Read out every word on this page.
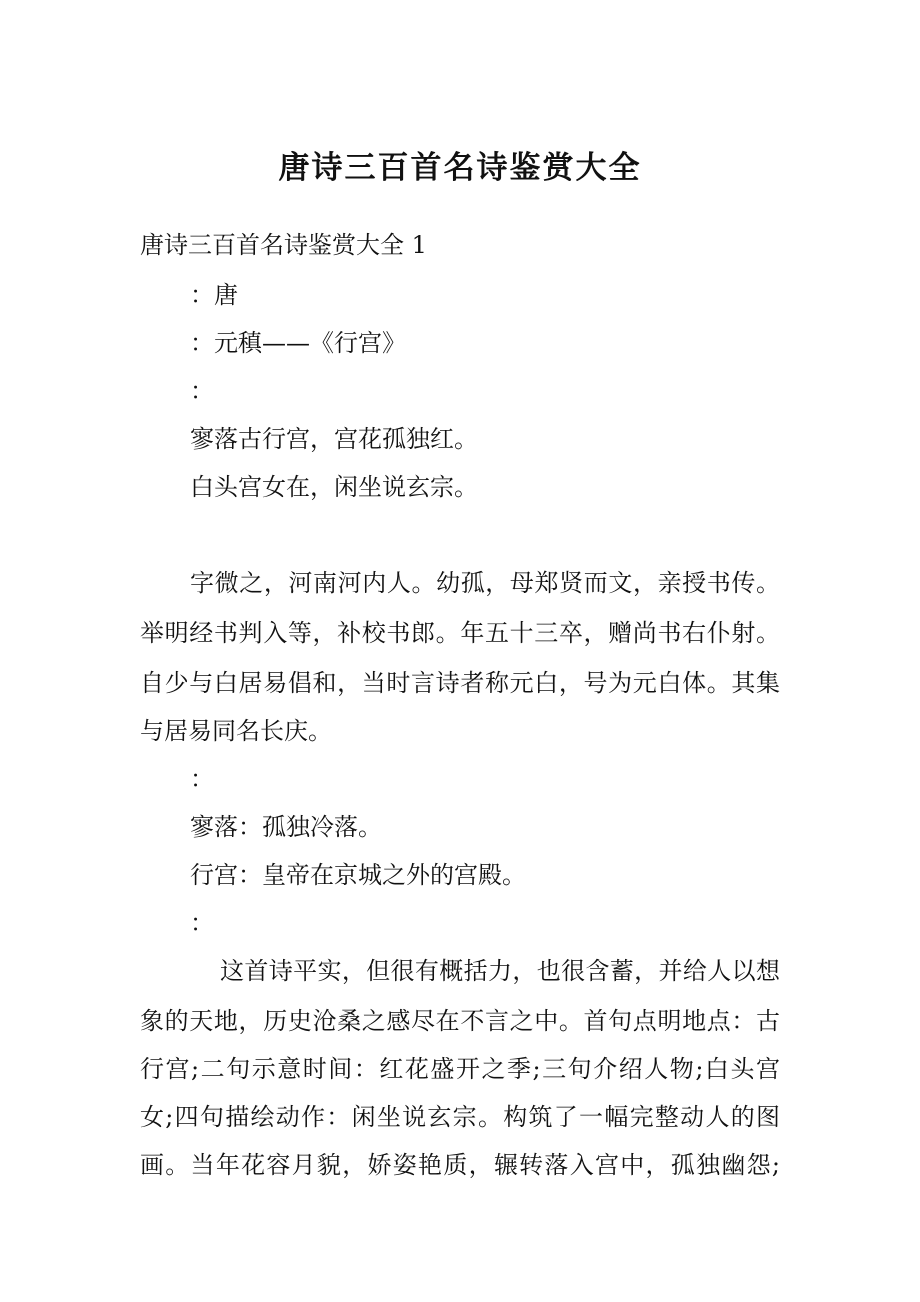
唐诗三百首名诗鉴赏大全
唐诗三百首名诗鉴赏大全 1
：唐
：元稹——《行宫》
：
寥落古行宫，宫花孤独红。
白头宫女在，闲坐说玄宗。
字微之，河南河内人。幼孤，母郑贤而文，亲授书传。
举明经书判入等，补校书郎。年五十三卒，赠尚书右仆射。
自少与白居易倡和，当时言诗者称元白，号为元白体。其集
与居易同名长庆。
：
寥落：孤独冷落。
行宫：皇帝在京城之外的宫殿。
：
这首诗平实，但很有概括力，也很含蓄，并给人以想
象的天地，历史沧桑之感尽在不言之中。首句点明地点：古
行宫;二句示意时间：红花盛开之季;三句介绍人物;白头宫
女;四句描绘动作：闲坐说玄宗。构筑了一幅完整动人的图
画。当年花容月貌，娇姿艳质，辗转落入宫中，孤独幽怨;
